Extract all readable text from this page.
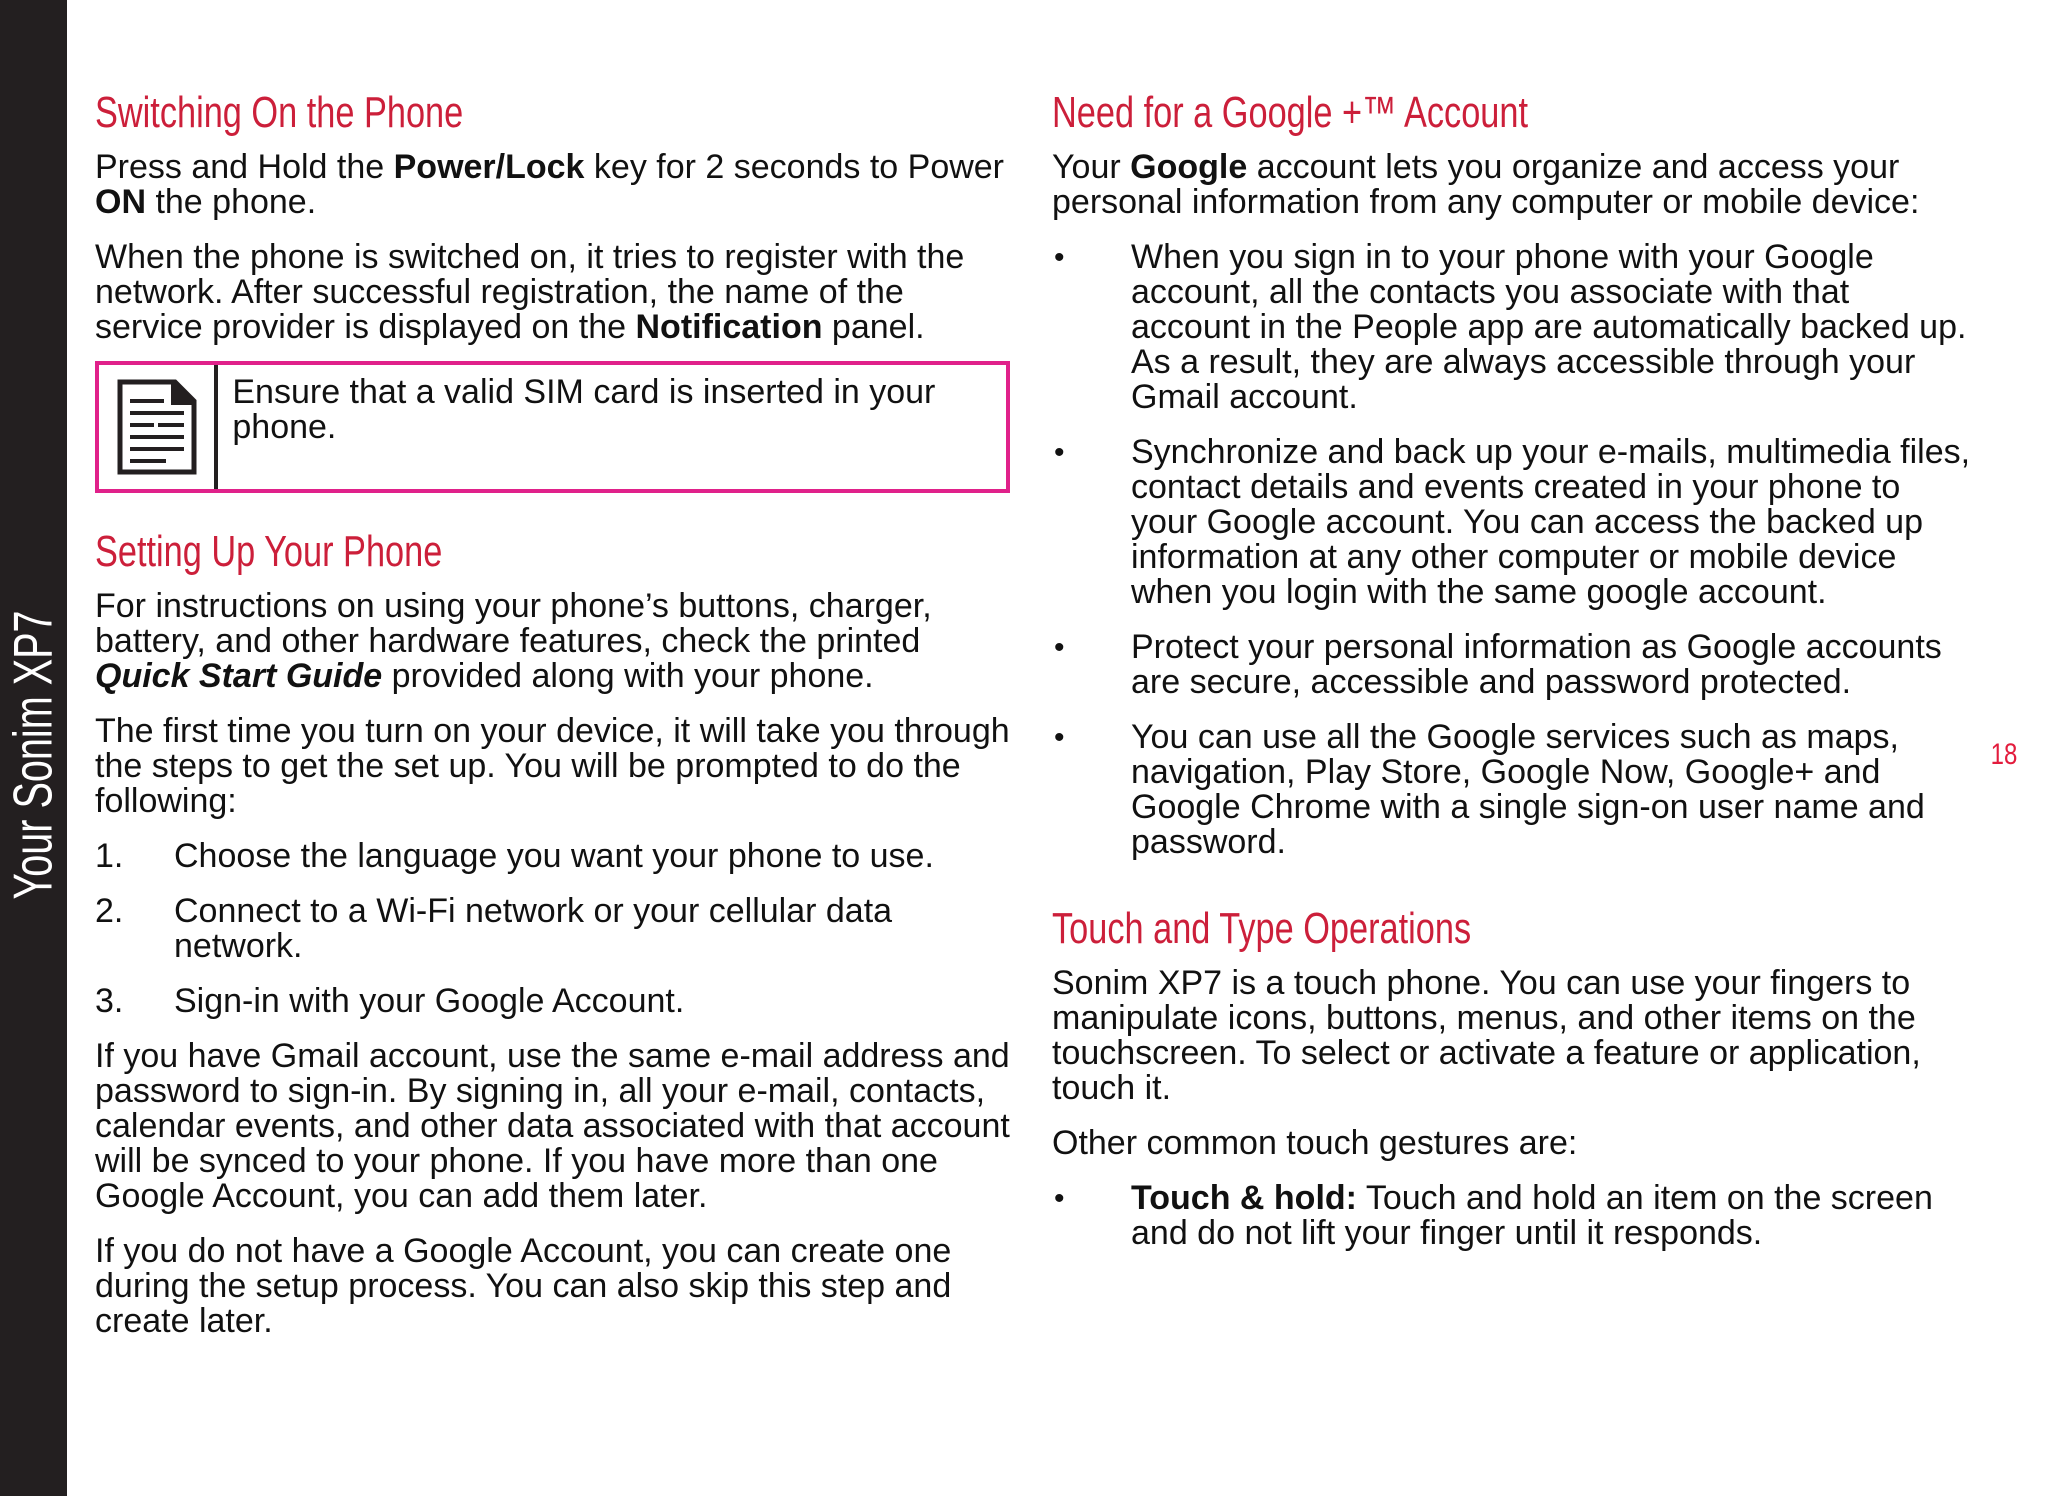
Your Sonim XP7	18
Switching On the Phone

Press and Hold the Power/Lock key for 2 seconds to Power ON the phone.

When the phone is switched on, it tries to register with the network. After successful registration, the name of the service provider is displayed on the Notification panel.

Ensure that a valid SIM card is inserted in your phone.
Setting Up Your Phone

For instructions on using your phone’s buttons, charger, battery, and other hardware features, check the printed Quick Start Guide provided along with your phone.

The first time you turn on your device, it will take you through the steps to get the set up. You will be prompted to do the following:

1.	Choose the language you want your phone to use.
2.	Connect to a Wi-Fi network or your cellular data network.
3.	Sign-in with your Google Account.

If you have Gmail account, use the same e-mail address and password to sign-in. By signing in, all your e-mail, contacts, calendar events, and other data associated with that account will be synced to your phone. If you have more than one Google Account, you can add them later.

If you do not have a Google Account, you can create one during the setup process. You can also skip this step and create later.

Need for a Google +™ Account

Your Google account lets you organize and access your personal information from any computer or mobile device:

•	When you sign in to your phone with your Google account, all the contacts you associate with that account in the People app are automatically backed up. As a result, they are always accessible through your Gmail account.
•	Synchronize and back up your e-mails, multimedia files, contact details and events created in your phone to your Google account. You can access the backed up information at any other computer or mobile device when you login with the same google account.
•	Protect your personal information as Google accounts are secure, accessible and password protected.
•	You can use all the Google services such as maps, navigation, Play Store, Google Now, Google+ and Google Chrome with a single sign-on user name and password.
Touch and Type Operations

Sonim XP7 is a touch phone. You can use your fingers to manipulate icons, buttons, menus, and other items on the touchscreen. To select or activate a feature or application, touch it.

Other common touch gestures are:

•	Touch & hold: Touch and hold an item on the screen and do not lift your finger until it responds.
